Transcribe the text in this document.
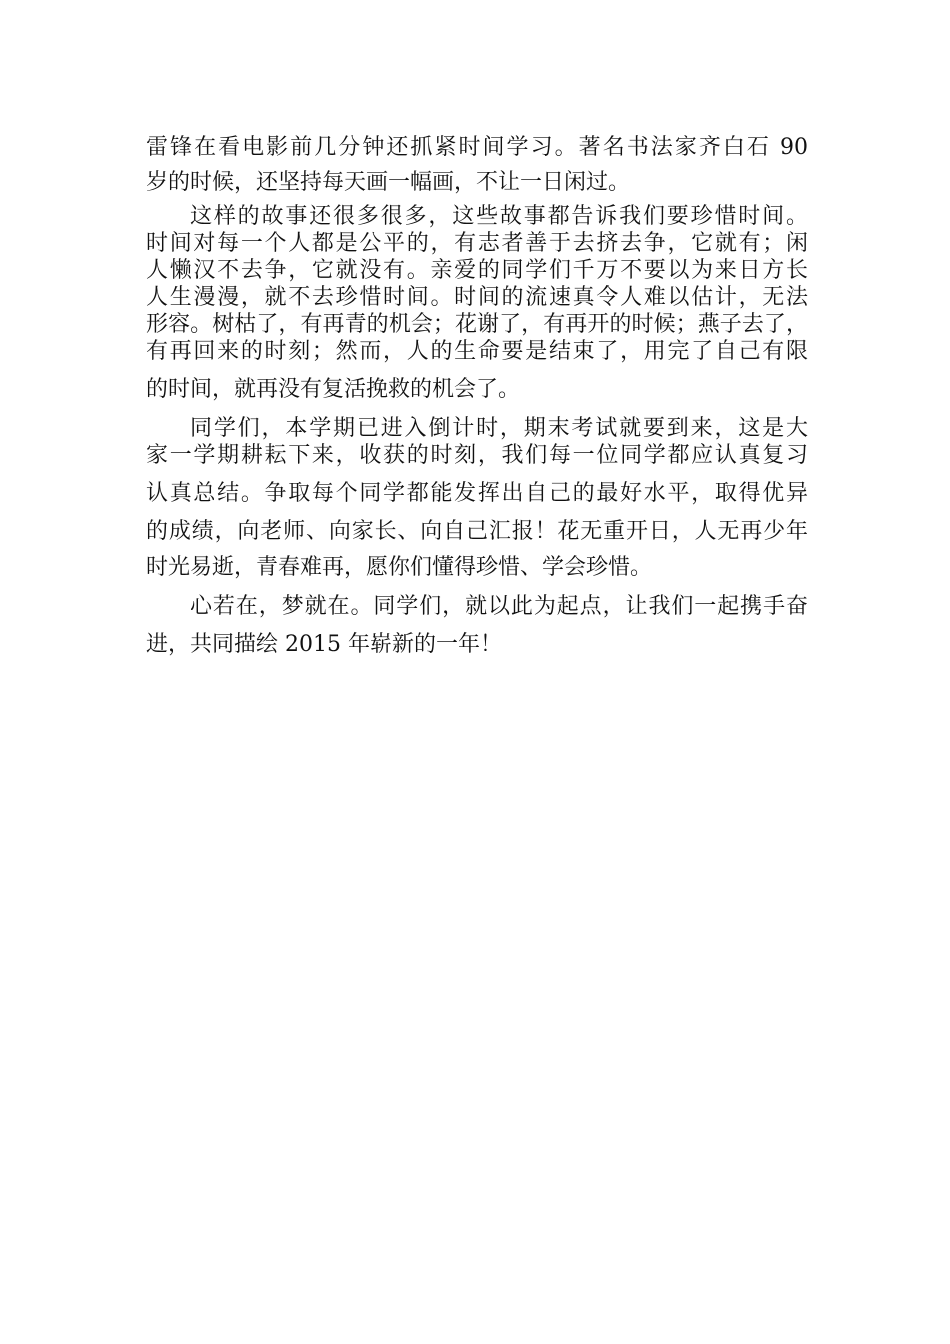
雷锋在看电影前几分钟还抓紧时间学习。著名书法家齐白石 90
岁的时候，还坚持每天画一幅画，不让一日闲过。
这样的故事还很多很多，这些故事都告诉我们要珍惜时间。
时间对每一个人都是公平的，有志者善于去挤去争，它就有；闲
人懒汉不去争，它就没有。亲爱的同学们千万不要以为来日方长
人生漫漫，就不去珍惜时间。时间的流速真令人难以估计，无法
形容。树枯了，有再青的机会；花谢了，有再开的时候；燕子去了，
有再回来的时刻；然而，人的生命要是结束了，用完了自己有限
的时间，就再没有复活挽救的机会了。
同学们，本学期已进入倒计时，期末考试就要到来，这是大
家一学期耕耘下来，收获的时刻，我们每一位同学都应认真复习
认真总结。争取每个同学都能发挥出自己的最好水平，取得优异
的成绩，向老师、向家长、向自己汇报！花无重开日，人无再少年
时光易逝，青春难再，愿你们懂得珍惜、学会珍惜。
心若在，梦就在。同学们，就以此为起点，让我们一起携手奋
进，共同描绘 2015 年崭新的一年！
